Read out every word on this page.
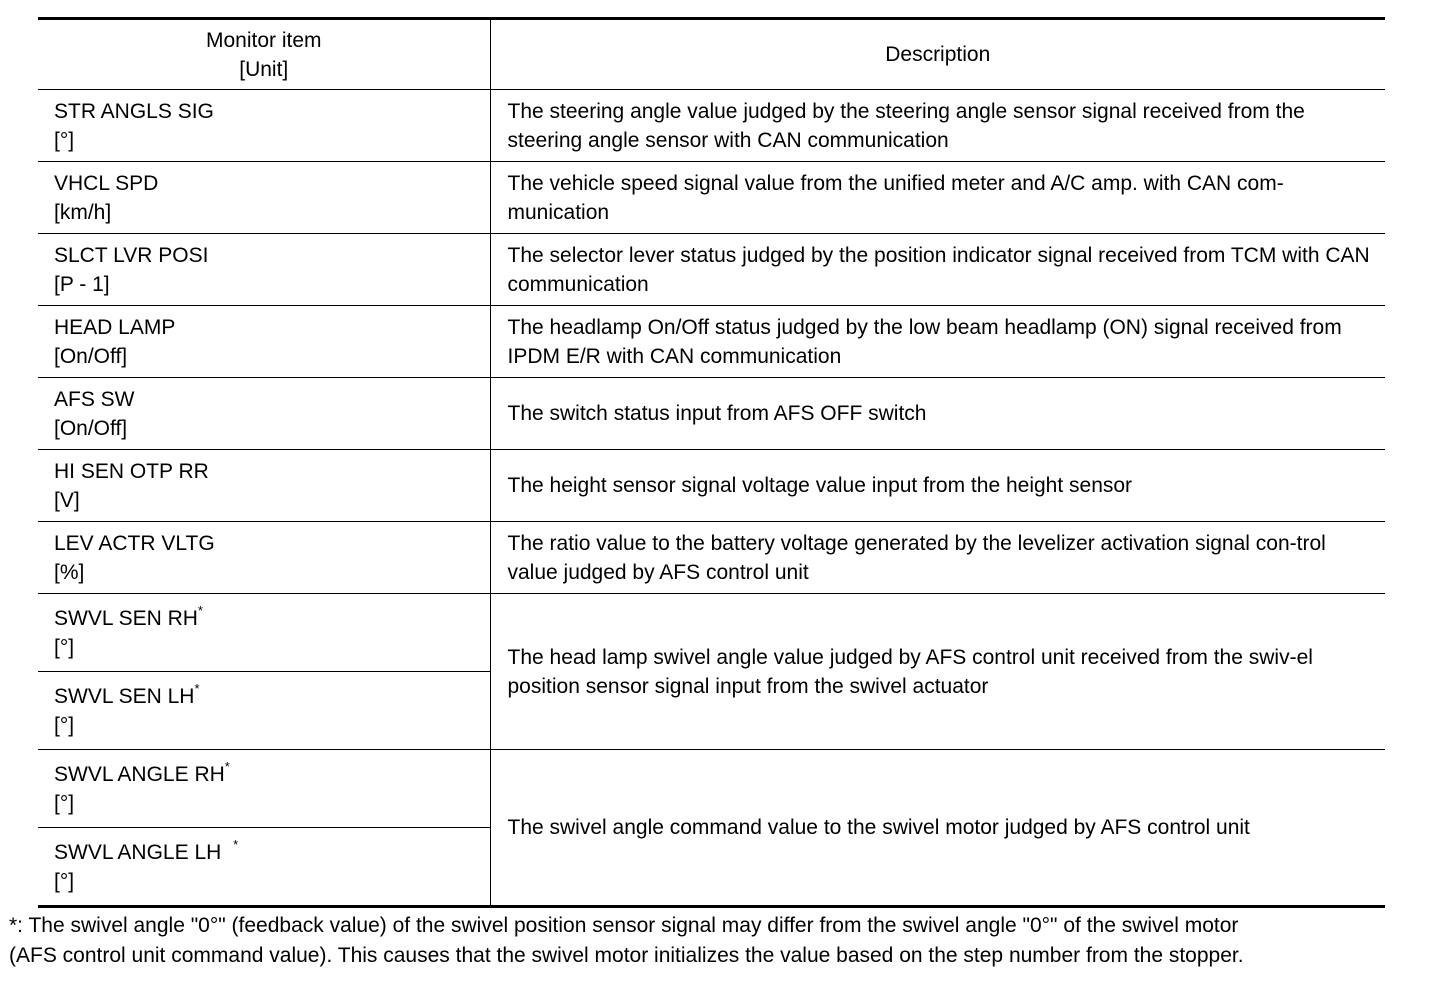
Monitor item
[Unit]	Description

STR ANGLS SIG
[°]	The steering angle value judged by the steering angle sensor signal received from the steering angle sensor with CAN communication

VHCL SPD
[km/h]	The vehicle speed signal value from the unified meter and A/C amp. with CAN com-munication

SLCT LVR POSI
[P - 1]	The selector lever status judged by the position indicator signal received from TCM with CAN communication

HEAD LAMP
[On/Off]	The headlamp On/Off status judged by the low beam headlamp (ON) signal received from IPDM E/R with CAN communication

AFS SW
[On/Off]	The switch status input from AFS OFF switch

HI SEN OTP RR
[V]	The height sensor signal voltage value input from the height sensor

LEV ACTR VLTG
[%]	The ratio value to the battery voltage generated by the levelizer activation signal con-trol value judged by AFS control unit

SWVL SEN RH*
[°]	The head lamp swivel angle value judged by AFS control unit received from the swiv-el position sensor signal input from the swivel actuator

SWVL SEN LH*
[°]	

SWVL ANGLE RH*
[°]	The swivel angle command value to the swivel motor judged by AFS control unit

SWVL ANGLE LH *
[°]	
*: The swivel angle "0°" (feedback value) of the swivel position sensor signal may differ from the swivel angle "0°" of the swivel motor
(AFS control unit command value). This causes that the swivel motor initializes the value based on the step number from the stopper.
